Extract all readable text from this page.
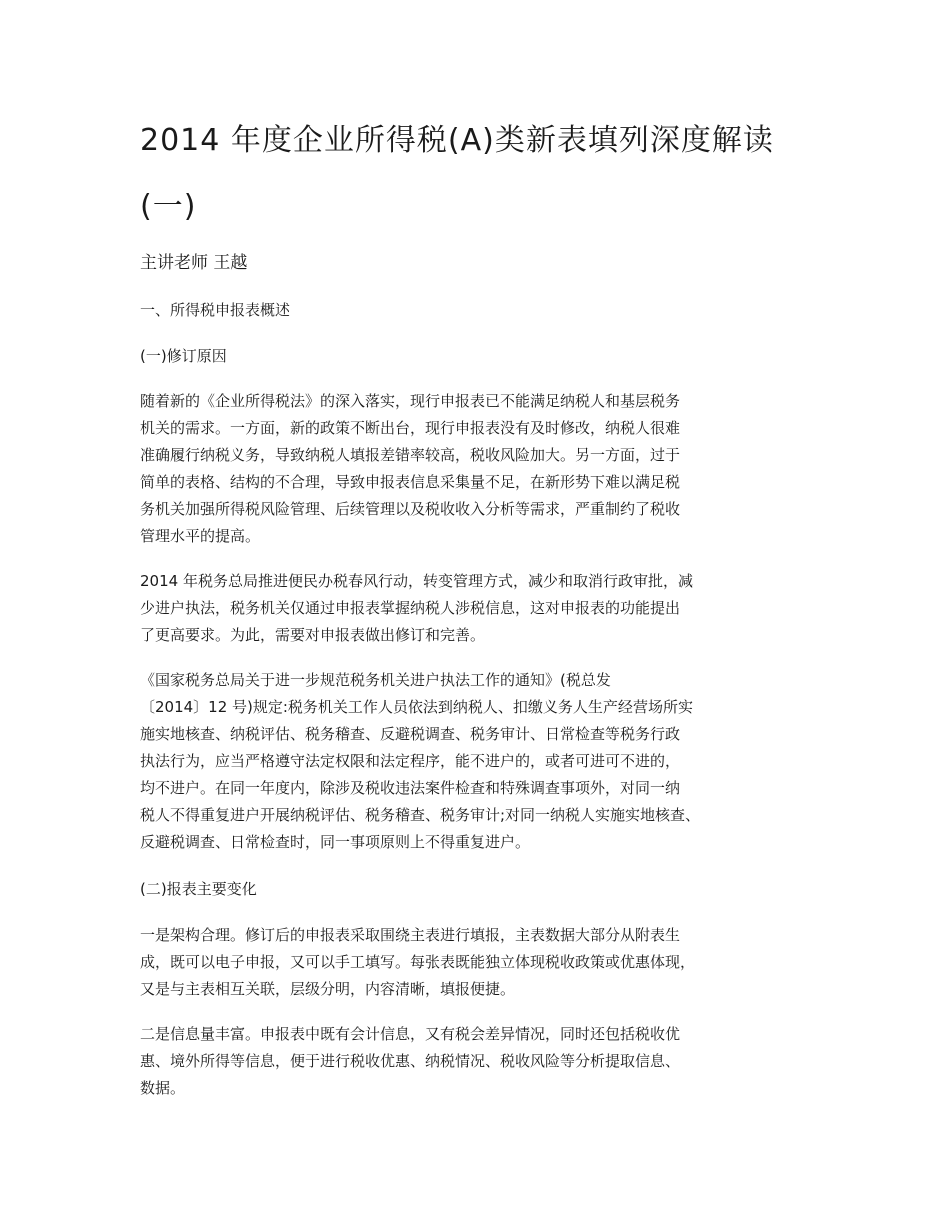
2014 年度企业所得税(A)类新表填列深度解读
(一)

主讲老师 王越

一、所得税申报表概述

(一)修订原因

随着新的《企业所得税法》的深入落实，现行申报表已不能满足纳税人和基层税务
机关的需求。一方面，新的政策不断出台，现行申报表没有及时修改，纳税人很难
准确履行纳税义务，导致纳税人填报差错率较高，税收风险加大。另一方面，过于
简单的表格、结构的不合理，导致申报表信息采集量不足，在新形势下难以满足税
务机关加强所得税风险管理、后续管理以及税收收入分析等需求，严重制约了税收
管理水平的提高。

2014 年税务总局推进便民办税春风行动，转变管理方式，减少和取消行政审批，减
少进户执法，税务机关仅通过申报表掌握纳税人涉税信息，这对申报表的功能提出
了更高要求。为此，需要对申报表做出修订和完善。

《国家税务总局关于进一步规范税务机关进户执法工作的通知》(税总发
〔2014〕12 号)规定:税务机关工作人员依法到纳税人、扣缴义务人生产经营场所实
施实地核查、纳税评估、税务稽查、反避税调查、税务审计、日常检查等税务行政
执法行为，应当严格遵守法定权限和法定程序，能不进户的，或者可进可不进的，
均不进户。在同一年度内，除涉及税收违法案件检查和特殊调查事项外，对同一纳
税人不得重复进户开展纳税评估、税务稽查、税务审计;对同一纳税人实施实地核查、
反避税调查、日常检查时，同一事项原则上不得重复进户。

(二)报表主要变化

一是架构合理。修订后的申报表采取围绕主表进行填报，主表数据大部分从附表生
成，既可以电子申报，又可以手工填写。每张表既能独立体现税收政策或优惠体现，
又是与主表相互关联，层级分明，内容清晰，填报便捷。

二是信息量丰富。申报表中既有会计信息，又有税会差异情况，同时还包括税收优
惠、境外所得等信息，便于进行税收优惠、纳税情况、税收风险等分析提取信息、
数据。
